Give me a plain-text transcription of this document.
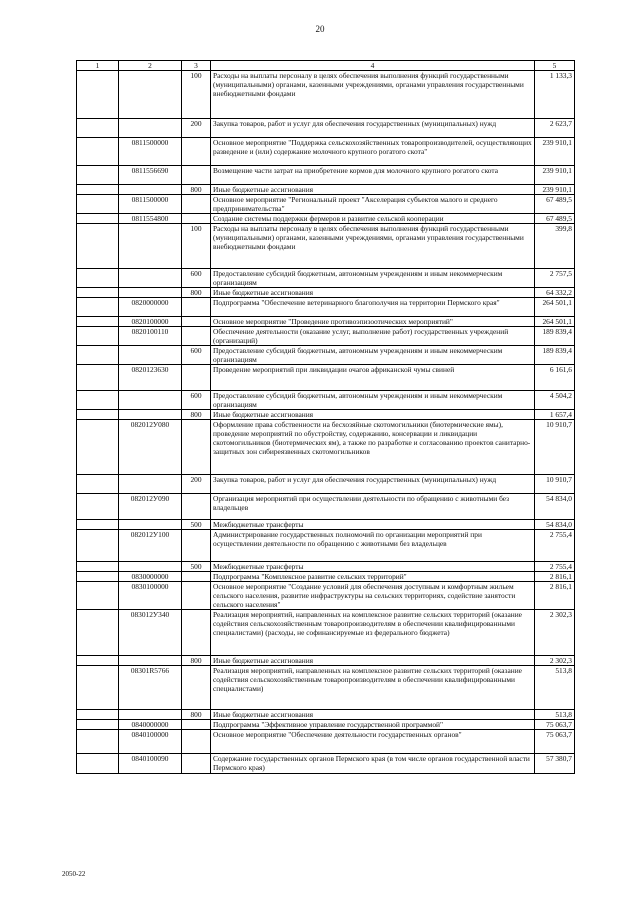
20
1	2	3	4	5
		100	Расходы на выплаты персоналу в целях обеспечения выполнения функций государственными (муниципальными) органами, казенными учреждениями, органами управления государственными внебюджетными фондами	1 133,3
		200	Закупка товаров, работ и услуг для обеспечения государственных (муниципальных) нужд	2 623,7
	0811500000		Основное мероприятие "Поддержка сельскохозяйственных товаропроизводителей, осуществляющих разведение и (или) содержание молочного крупного рогатого скота"	239 910,1
	0811556690		Возмещение части затрат на приобретение кормов для молочного крупного рогатого скота	239 910,1
		800	Иные бюджетные ассигнования	239 910,1
	0811500000		Основное мероприятие "Региональный проект "Акселерация субъектов малого и среднего предпринимательства"	67 489,5
	0811554800		Создание системы поддержки фермеров и развитие сельской кооперации	67 489,5
		100	Расходы на выплаты персоналу в целях обеспечения выполнения функций государственными (муниципальными) органами, казенными учреждениями, органами управления государственными внебюджетными фондами	399,8
		600	Предоставление субсидий бюджетным, автономным учреждениям и иным некоммерческим организациям	2 757,5
		800	Иные бюджетные ассигнования	64 332,2
	0820000000		Подпрограмма "Обеспечение ветеринарного благополучия на территории Пермского края"	264 501,1
	0820100000		Основное мероприятие "Проведение противоэпизоотических мероприятий"	264 501,1
	0820100110		Обеспечение деятельности (оказание услуг, выполнение работ) государственных учреждений (организаций)	189 839,4
		600	Предоставление субсидий бюджетным, автономным учреждениям и иным некоммерческим организациям	189 839,4
	0820123630		Проведение мероприятий при ликвидации очагов африканской чумы свиней	6 161,6
		600	Предоставление субсидий бюджетным, автономным учреждениям и иным некоммерческим организациям	4 504,2
		800	Иные бюджетные ассигнования	1 657,4
	082012У080		Оформление права собственности на бесхозяйные скотомогильники (биотермические ямы), проведение мероприятий по обустройству, содержанию, консервации и ликвидации скотомогильников (биотермических ям), а также по разработке и согласованию проектов санитарно-защитных зон сибиреязвенных скотомогильников	10 910,7
		200	Закупка товаров, работ и услуг для обеспечения государственных (муниципальных) нужд	10 910,7
	082012У090		Организация мероприятий при осуществлении деятельности по обращению с животными без владельцев	54 834,0
		500	Межбюджетные трансферты	54 834,0
	082012У100		Администрирование государственных полномочий по организации мероприятий при осуществлении деятельности по обращению с животными без владельцев	2 755,4
		500	Межбюджетные трансферты	2 755,4
	0830000000		Подпрограмма "Комплексное развитие сельских территорий"	2 816,1
	0830100000		Основное мероприятие "Создание условий для обеспечения доступным и комфортным жильем сельского населения, развитие инфраструктуры на сельских территориях, содействие занятости сельского населения"	2 816,1
	083012У340		Реализация мероприятий, направленных на комплексное развитие сельских территорий (оказание содействия сельскохозяйственным товаропроизводителям в обеспечении квалифицированными специалистами) (расходы, не софинансируемые из федерального бюджета)	2 302,3
		800	Иные бюджетные ассигнования	2 302,3
	08301R5766		Реализация мероприятий, направленных на комплексное развитие сельских территорий (оказание содействия сельскохозяйственным товаропроизводителям в обеспечении квалифицированными специалистами)	513,8
		800	Иные бюджетные ассигнования	513,8
	0840000000		Подпрограмма "Эффективное управление государственной программой"	75 063,7
	0840100000		Основное мероприятие "Обеспечение деятельности государственных органов"	75 063,7
	0840100090		Содержание государственных органов Пермского края (в том числе органов государственной власти Пермского края)	57 380,7
2050-22
